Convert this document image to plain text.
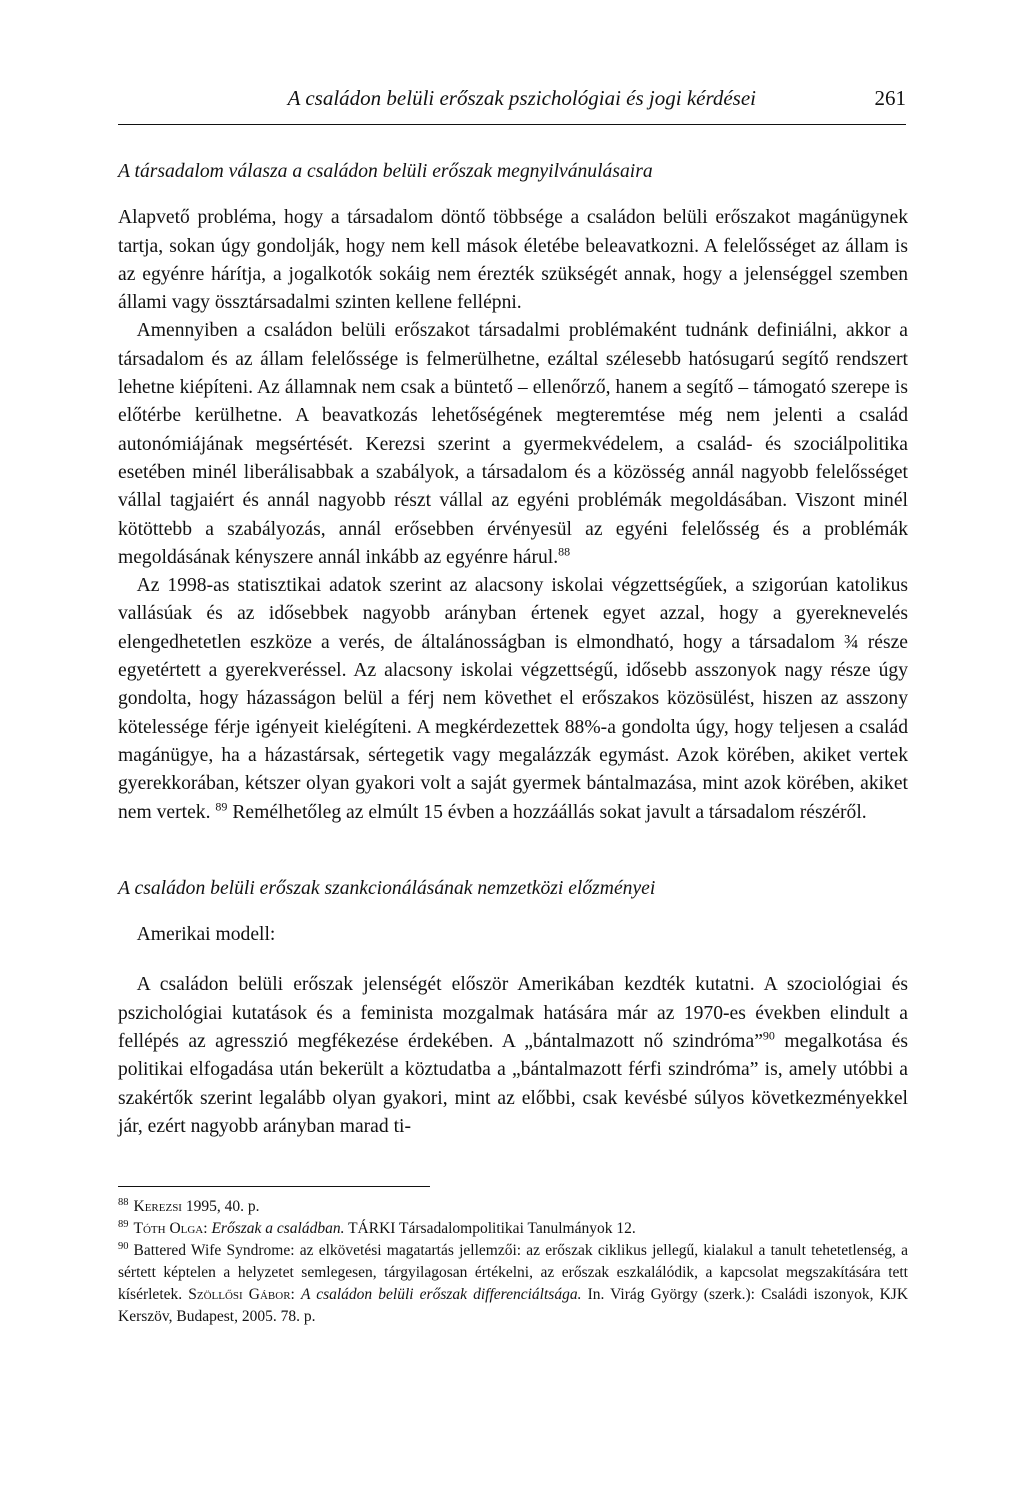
A családon belüli erőszak pszichológiai és jogi kérdései	261
A társadalom válasza a családon belüli erőszak megnyilvánulásaira

Alapvető probléma, hogy a társadalom döntő többsége a családon belüli erőszakot magánügynek tartja, sokan úgy gondolják, hogy nem kell mások életébe beleavatkozni. A felelősséget az állam is az egyénre hárítja, a jogalkotók sokáig nem érezték szükségét annak, hogy a jelenséggel szemben állami vagy össztársadalmi szinten kellene fellépni.

Amennyiben a családon belüli erőszakot társadalmi problémaként tudnánk definiálni, akkor a társadalom és az állam felelőssége is felmerülhetne, ezáltal szélesebb hatósugarú segítő rendszert lehetne kiépíteni. Az államnak nem csak a büntető – ellenőrző, hanem a segítő – támogató szerepe is előtérbe kerülhetne. A beavatkozás lehetőségének megteremtése még nem jelenti a család autonómiájának megsértését. Kerezsi szerint a gyermekvédelem, a család- és szociálpolitika esetében minél liberálisabbak a szabályok, a társadalom és a közösség annál nagyobb felelősséget vállal tagjaiért és annál nagyobb részt vállal az egyéni problémák megoldásában. Viszont minél kötöttebb a szabályozás, annál erősebben érvényesül az egyéni felelősség és a problémák megoldásának kényszere annál inkább az egyénre hárul.$^{88}$

Az 1998-as statisztikai adatok szerint az alacsony iskolai végzettségűek, a szigorúan katolikus vallásúak és az idősebbek nagyobb arányban értenek egyet azzal, hogy a gyereknevelés elengedhetetlen eszköze a verés, de általánosságban is elmondható, hogy a társadalom ¾ része egyetértett a gyerekveréssel. Az alacsony iskolai végzettségű, idősebb asszonyok nagy része úgy gondolta, hogy házasságon belül a férj nem követhet el erőszakos közösülést, hiszen az asszony kötelessége férje igényeit kielégíteni. A megkérdezettek 88%-a gondolta úgy, hogy teljesen a család magánügye, ha a házastársak, sértegetik vagy megalázzák egymást. Azok körében, akiket vertek gyerekkorában, kétszer olyan gyakori volt a saját gyermek bántalmazása, mint azok körében, akiket nem vertek. $^{89}$ Remélhetőleg az elmúlt 15 évben a hozzáállás sokat javult a társadalom részéről.

A családon belüli erőszak szankcionálásának nemzetközi előzményei

Amerikai modell:

A családon belüli erőszak jelenségét először Amerikában kezdték kutatni. A szociológiai és pszichológiai kutatások és a feminista mozgalmak hatására már az 1970-es években elindult a fellépés az agresszió megfékezése érdekében. A „bántalmazott nő szindróma”$^{90}$ megalkotása és politikai elfogadása után bekerült a köztudatba a „bántalmazott férfi szindróma” is, amely utóbbi a szakértők szerint legalább olyan gyakori, mint az előbbi, csak kevésbé súlyos következményekkel jár, ezért nagyobb arányban marad ti-

$^{88}$ Kerezsi 1995, 40. p.

$^{89}$ Tóth Olga: Erőszak a családban. TÁRKI Társadalompolitikai Tanulmányok 12.

$^{90}$ Battered Wife Syndrome: az elkövetési magatartás jellemzői: az erőszak ciklikus jellegű, kialakul a tanult tehetetlenség, a sértett képtelen a helyzetet semlegesen, tárgyilagosan értékelni, az erőszak eszkalálódik, a kapcsolat megszakítására tett kísérletek. Szöllősi Gábor: A családon belüli erőszak differenciáltsága. In. Virág György (szerk.): Családi iszonyok, KJK Kerszöv, Budapest, 2005. 78. p.
